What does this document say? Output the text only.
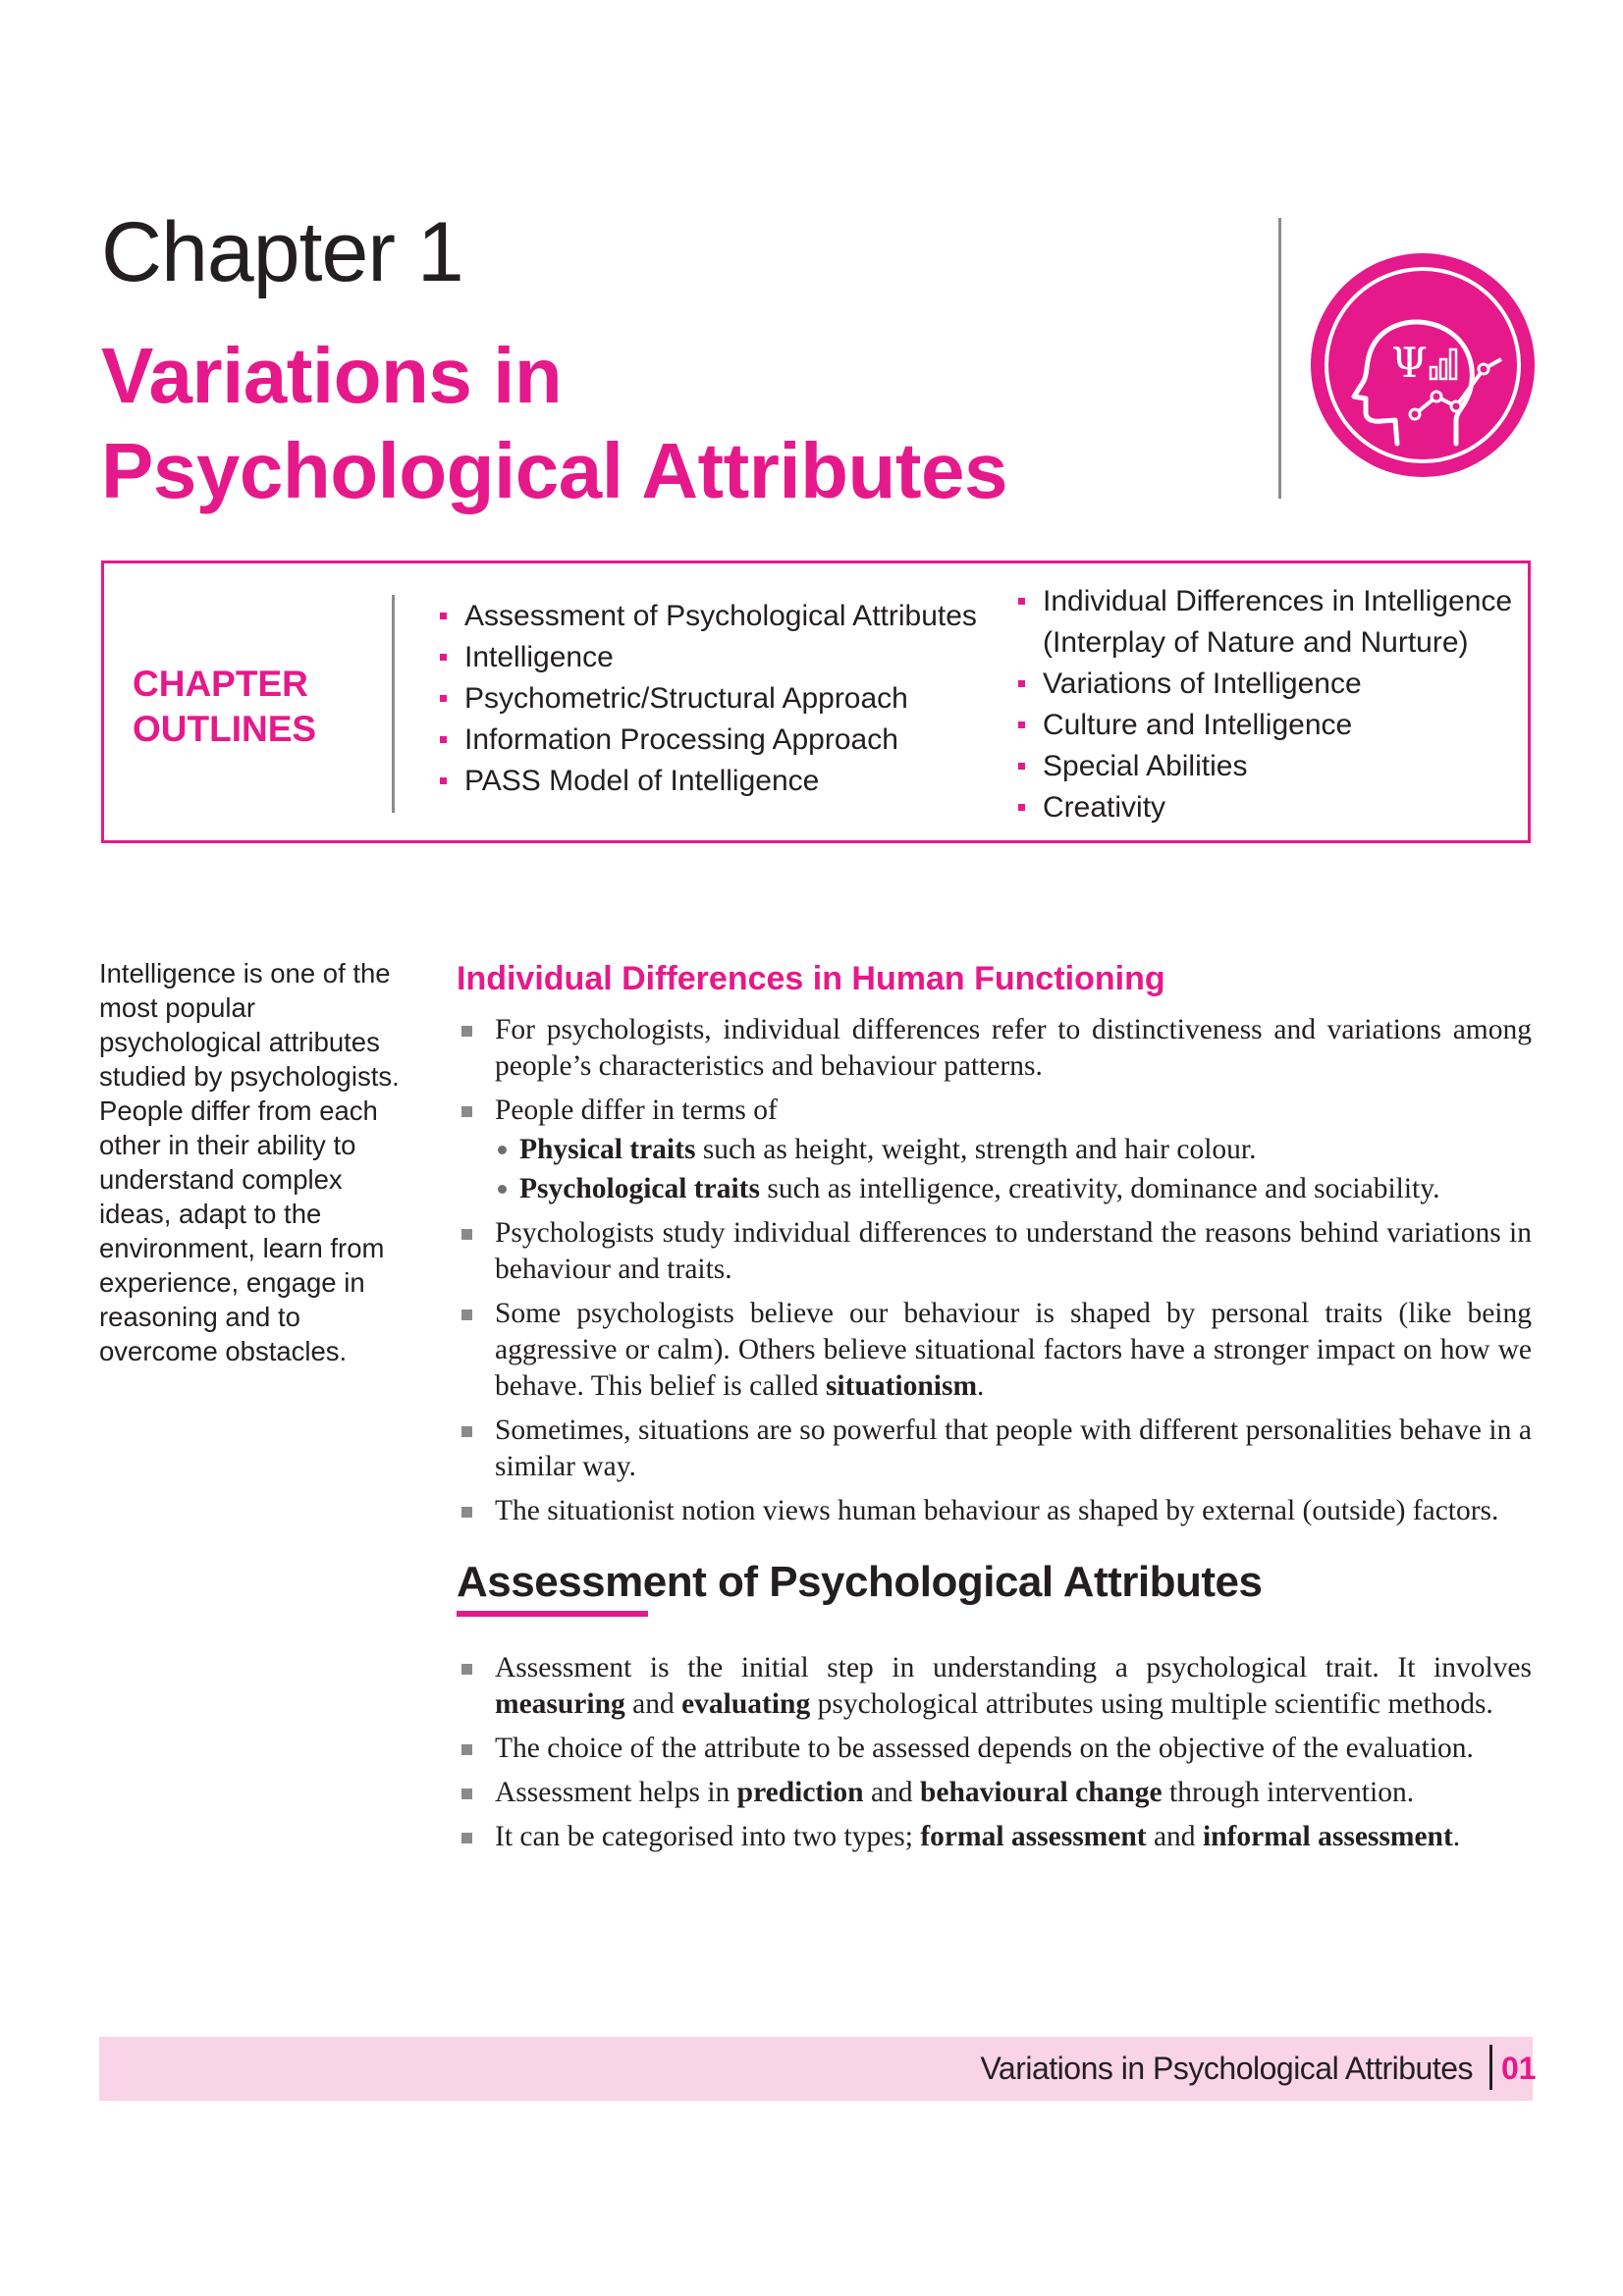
Chapter 1
Variations in
Psychological Attributes
Ψ
CHAPTER
OUTLINES
Assessment of Psychological Attributes
Intelligence
Psychometric/Structural Approach
Information Processing Approach
PASS Model of Intelligence
Individual Differences in Intelligence (Interplay of Nature and Nurture)
Variations of Intelligence
Culture and Intelligence
Special Abilities
Creativity

Intelligence is one of the most popular psychological attributes studied by psychologists.

People differ from each other in their ability to understand complex ideas, adapt to the environment, learn from experience, engage in reasoning and to overcome obstacles.

Individual Differences in Human Functioning
For psychologists, individual differences refer to distinctiveness and variations among people’s characteristics and behaviour patterns.
People differ in terms of
Physical traits such as height, weight, strength and hair colour.
Psychological traits such as intelligence, creativity, dominance and sociability.
Psychologists study individual differences to understand the reasons behind variations in behaviour and traits.
Some psychologists believe our behaviour is shaped by personal traits (like being aggressive or calm). Others believe situational factors have a stronger impact on how we behave. This belief is called situationism.
Sometimes, situations are so powerful that people with different personalities behave in a similar way.
The situationist notion views human behaviour as shaped by external (outside) factors.
Assessment of Psychological Attributes
Assessment is the initial step in understanding a psychological trait. It involves measuring and evaluating psychological attributes using multiple scientific methods.
The choice of the attribute to be assessed depends on the objective of the evaluation.
Assessment helps in prediction and behavioural change through intervention.
It can be categorised into two types; formal assessment and informal assessment.
Variations in Psychological Attributes 01
